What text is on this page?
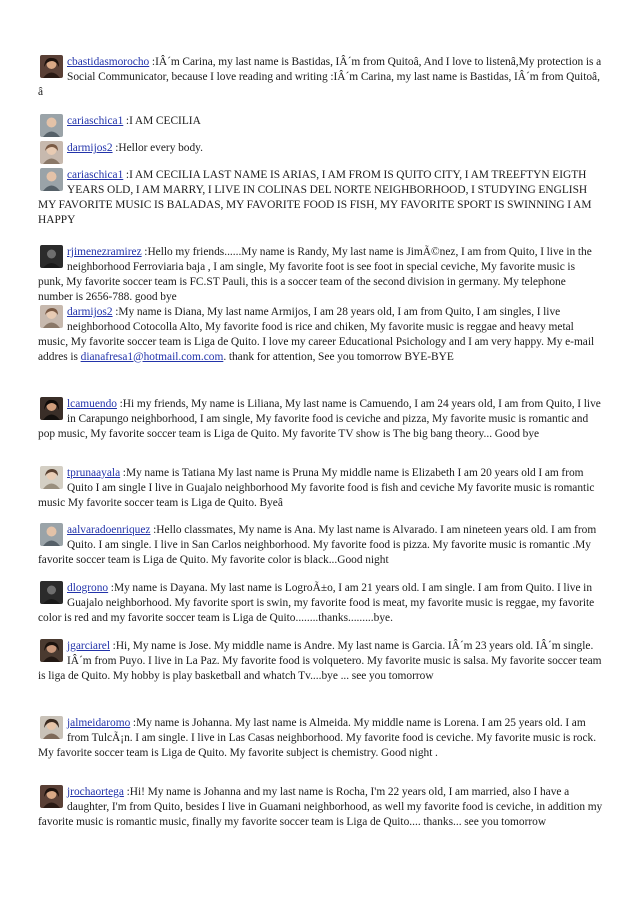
cbastidasmorocho :IÂ´m Carina, my last name is Bastidas, IÂ´m from Quitoâ, And I love to listenâ,My protection is a Social Communicator, because I love reading and writing :IÂ´m Carina, my last name is Bastidas, IÂ´m from Quitoâ, â
cariaschica1 :I AM CECILIA
darmijos2 :Hellor every body.
cariaschica1 :I AM CECILIA LAST NAME IS ARIAS, I AM FROM IS QUITO CITY, I AM TREEFTYN EIGTH YEARS OLD, I AM MARRY, I LIVE IN COLINAS DEL NORTE NEIGHBORHOOD, I STUDYING ENGLISH MY FAVORITE MUSIC IS BALADAS, MY FAVORITE FOOD IS FISH, MY FAVORITE SPORT IS SWINNING I AM HAPPY
rjimenezramirez :Hello my friends......My name is Randy, My last name is JimÃ©nez, I am from Quito, I live in the neighborhood Ferroviaria baja , I am single, My favorite foot is see foot in special ceviche, My favorite music is punk, My favorite soccer team is FC.ST Pauli, this is a soccer team of the second division in germany. My telephone number is 2656-788. good bye
darmijos2 :My name is Diana, My last name Armijos, I am 28 years old, I am from Quito, I am singles, I live neighborhood Cotocolla Alto, My favorite food is rice and chiken, My favorite music is reggae and heavy metal music, My favorite soccer team is Liga de Quito. I love my career Educational Psichology and I am very happy. My e-mail addres is dianafresa1@hotmail.com.com. thank for attention, See you tomorrow BYE-BYE
lcamuendo :Hi my friends, My name is Liliana, My last name is Camuendo, I am 24 years old, I am from Quito, I live in Carapungo neighborhood, I am single, My favorite food is ceviche and pizza, My favorite music is romantic and pop music, My favorite soccer team is Liga de Quito. My favorite TV show is The big bang theory... Good bye
tprunaayala :My name is Tatiana My last name is Pruna My middle name is Elizabeth I am 20 years old I am from Quito I am single I live in Guajalo neighborhood My favorite food is fish and ceviche My favorite music is romantic music My favorite soccer team is Liga de Quito. Byeâ
aalvaradoenriquez :Hello classmates, My name is Ana. My last name is Alvarado. I am nineteen years old. I am from Quito. I am single. I live in San Carlos neighborhood. My favorite food is pizza. My favorite music is romantic .My favorite soccer team is Liga de Quito. My favorite color is black...Good night
dlogrono :My name is Dayana. My last name is LogroÃ±o, I am 21 years old. I am single. I am from Quito. I live in Guajalo neighborhood. My favorite sport is swin, my favorite food is meat, my favorite music is reggae, my favorite color is red and my favorite soccer team is Liga de Quito........thanks.........bye.
jgarciarel :Hi, My name is Jose. My middle name is Andre. My last name is Garcia. IÂ´m 23 years old. IÂ´m single. IÂ´m from Puyo. I live in La Paz. My favorite food is volquetero. My favorite music is salsa. My favorite soccer team is liga de Quito. My hobby is play basketball and whatch Tv....bye ... see you tomorrow
jalmeidaromo :My name is Johanna. My last name is Almeida. My middle name is Lorena. I am 25 years old. I am from TulcÃ¡n. I am single. I live in Las Casas neighborhood. My favorite food is ceviche. My favorite music is rock. My favorite soccer team is Liga de Quito. My favorite subject is chemistry. Good night .
jrochaortega :Hi! My name is Johanna and my last name is Rocha, I'm 22 years old, I am married, also I have a daughter, I'm from Quito, besides I live in Guamani neighborhood, as well my favorite food is ceviche, in addition my favorite music is romantic music, finally my favorite soccer team is Liga de Quito.... thanks... see you tomorrow
